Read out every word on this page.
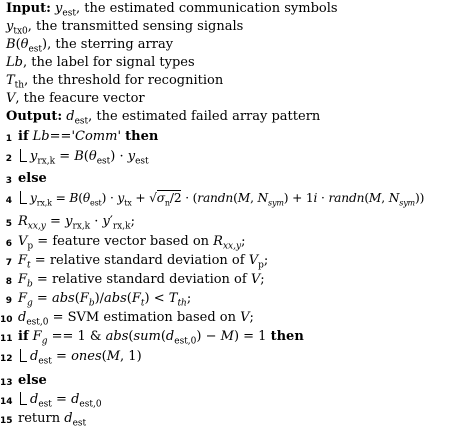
Input: $y_{est}$, the estimated communication symbols
$y_{tx0}$, the transmitted sensing signals
$B(\theta_{est})$, the sterring array
Lb, the label for signal types
$T_{th}$, the threshold for recognition
V, the feacure vector
Output: $d_{est}$, the estimated failed array pattern
1 if Lb=='Comm' then
2 $y_{rx,k} = B(\theta_{est}) \cdot y_{est}$
3 else
4 $y_{rx,k} = B(\theta_{est}) \cdot y_{tx} + √\sigma_n/2$ · (randn(M, $N_{sym}) + 1i$ · randn(M, $N_{sym}$))
5 $R_{xx,y} = y_{rx,k} \cdot y'_{rx,k}$;
6 $V_p$ = feature vector based on $R_{xx,y}$;
7 $F_t$ = relative standard deviation of $V_p$;
8 $F_b$ = relative standard deviation of V;
9 $F_g = abs(F_b)/abs(F_t) < T_{th}$;
10 $d_{est,0}$ = SVM estimation based on V;
11 if $F_g == 1$ & $abs(sum(d_{est,0}) - M) = 1$ then
12 $d_{est}$ = ones(M, 1)
13 else
14 $d_{est} = d_{est,0}$
15 return $d_{est}$
